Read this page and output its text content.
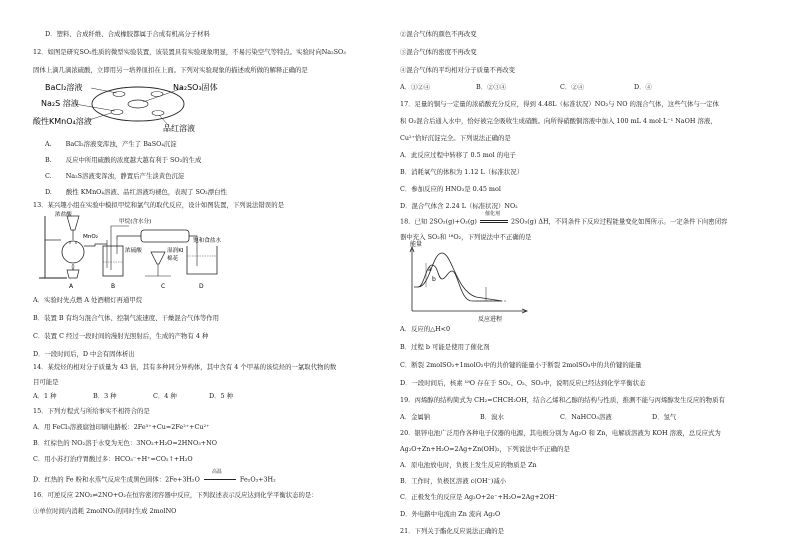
D．塑料、合成纤维、合成橡胶都属于合成有机高分子材料
12．如图是研究SO₂性质的微型实验装置，该装置具有实验现象明显，不易污染空气等特点。实验时向Na₂SO₃
固体上滴几滴浓硫酸，立即用另一培养皿扣在上面。下列对实验现象的描述或所做的解释正确的是
BaCl₂溶液	Na₂SO₃固体
Na₂S 溶液
酸性KMnO₄溶液
品红溶液
A. BaCl₂溶液变浑浊，产生了 BaSO₄沉淀
B. 反应中所用硫酸的浓度越大越有利于 SO₂的生成
C. Na₂S溶液变浑浊，静置后产生淡黄色沉淀
D. 酸性 KMnO₄溶液、品红溶液均褪色，表现了 SO₂漂白性
13．某兴趣小组在实验中模拟甲烷和氯气的取代反应，设计如图装置，下列说法错误的是
浓盐酸
甲烷(含水分)
MnO₂
浓硫酸	湿润KI
棉花
饱和食盐水
A	B	C	D
A．实验时先点燃 A 处酒精灯再通甲烷
B．装置 B 有均匀混合气体、控制气流速度、干燥混合气体等作用
C．装置 C 经过一段时间的漫射光照射后，生成的产物有 4 种
D．一段时间后，D 中会有固体析出
14．某烷烃的相对分子质量为 43 倍，其有多种同分异构体，其中含有 4 个甲基的该烷烃的一氯取代物的数
目可能是
A．1 种	B．3 种	C．4 种	D．5 种
15．下列方程式与所给事实不相符合的是
A．用 FeCl₃溶液腐蚀印刷电路板：2Fe³⁺+Cu=2Fe²⁺+Cu²⁺
B．红棕色的 NO₂溶于水变为无色：3NO₂+H₂O=2HNO₃+NO
C．用小苏打治疗胃酸过多：HCO₃⁻+H⁺=CO₂↑+H₂O
D．红热的 Fe 粉和水蒸气反应生成黑色固体：2Fe+3H₂O
高温
Fe₂O₃+3H₂
16．可逆反应 2NO₂⇌2NO+O₂在恒容密闭容器中反应，下列叙述表示反应达到化学平衡状态的是：
①单位时间内消耗 2molNO₂的同时生成 2molNO
②混合气体的颜色不再改变
③混合气体的密度不再改变
④混合气体的平均相对分子质量不再改变
A．①②④	B．②③④	C．②④	D．④
17．足量的铜与一定量的浓硝酸充分反应，得到 4.48L（标准状况）NO₂与 NO 的混合气体，这些气体与一定体
积 O₂混合后通入水中，恰好被完全吸收生成硝酸。向所得硝酸铜溶液中加入 100 mL 4 mol·L⁻¹ NaOH 溶液，
Cu²⁺恰好沉淀完全。下列说法正确的是
A．此反应过程中转移了 0.5 mol 的电子
B．消耗氧气的体积为 1.12 L（标准状况）
C．参加反应的 HNO₃是 0.45 mol
D．混合气体含 2.24 L（标准状况）NO₂
18．已知 2SO₂(g)+O₂(g)
催化剂
2SO₃(g) ΔH，不同条件下反应过程能量变化如图所示。一定条件下向密闭容
器中充入 SO₂和 ¹⁸O₂，下列说法中不正确的是
能量
反应进程
a
b
A．反应的△H<0
B．过程 b 可能是使用了催化剂
C．断裂 2molSO₂+1molO₂中的共价键的能量小于断裂 2molSO₃中的共价键的能量
D．一段时间后，核素 ¹⁸O 存在于 SO₂、O₂、SO₃中，说明反应已经达到化学平衡状态
19．丙烯醇的结构简式为 CH₂=CHCH₂OH，结合乙烯和乙醇的结构与性质，推测不能与丙烯醇发生反应的物质有
A．金属钠	B．溴水	C．NaHCO₃溶液	D．氢气
20．银锌电池广泛用作各种电子仪器的电源，其电极分别为 Ag₂O 和 Zn，电解质溶液为 KOH 溶液，总反应式为
Ag₂O+Zn+H₂O=2Ag+Zn(OH)₂，下列说法中不正确的是
A．原电池放电时，负极上发生反应的物质是 Zn
B．工作时，负极区溶液 c(OH⁻)减小
C．正极发生的反应是 Ag₂O+2e⁻+H₂O=2Ag+2OH⁻
D．外电路中电流由 Zn 流向 Ag₂O
21．下列关于酯化反应说法正确的是
